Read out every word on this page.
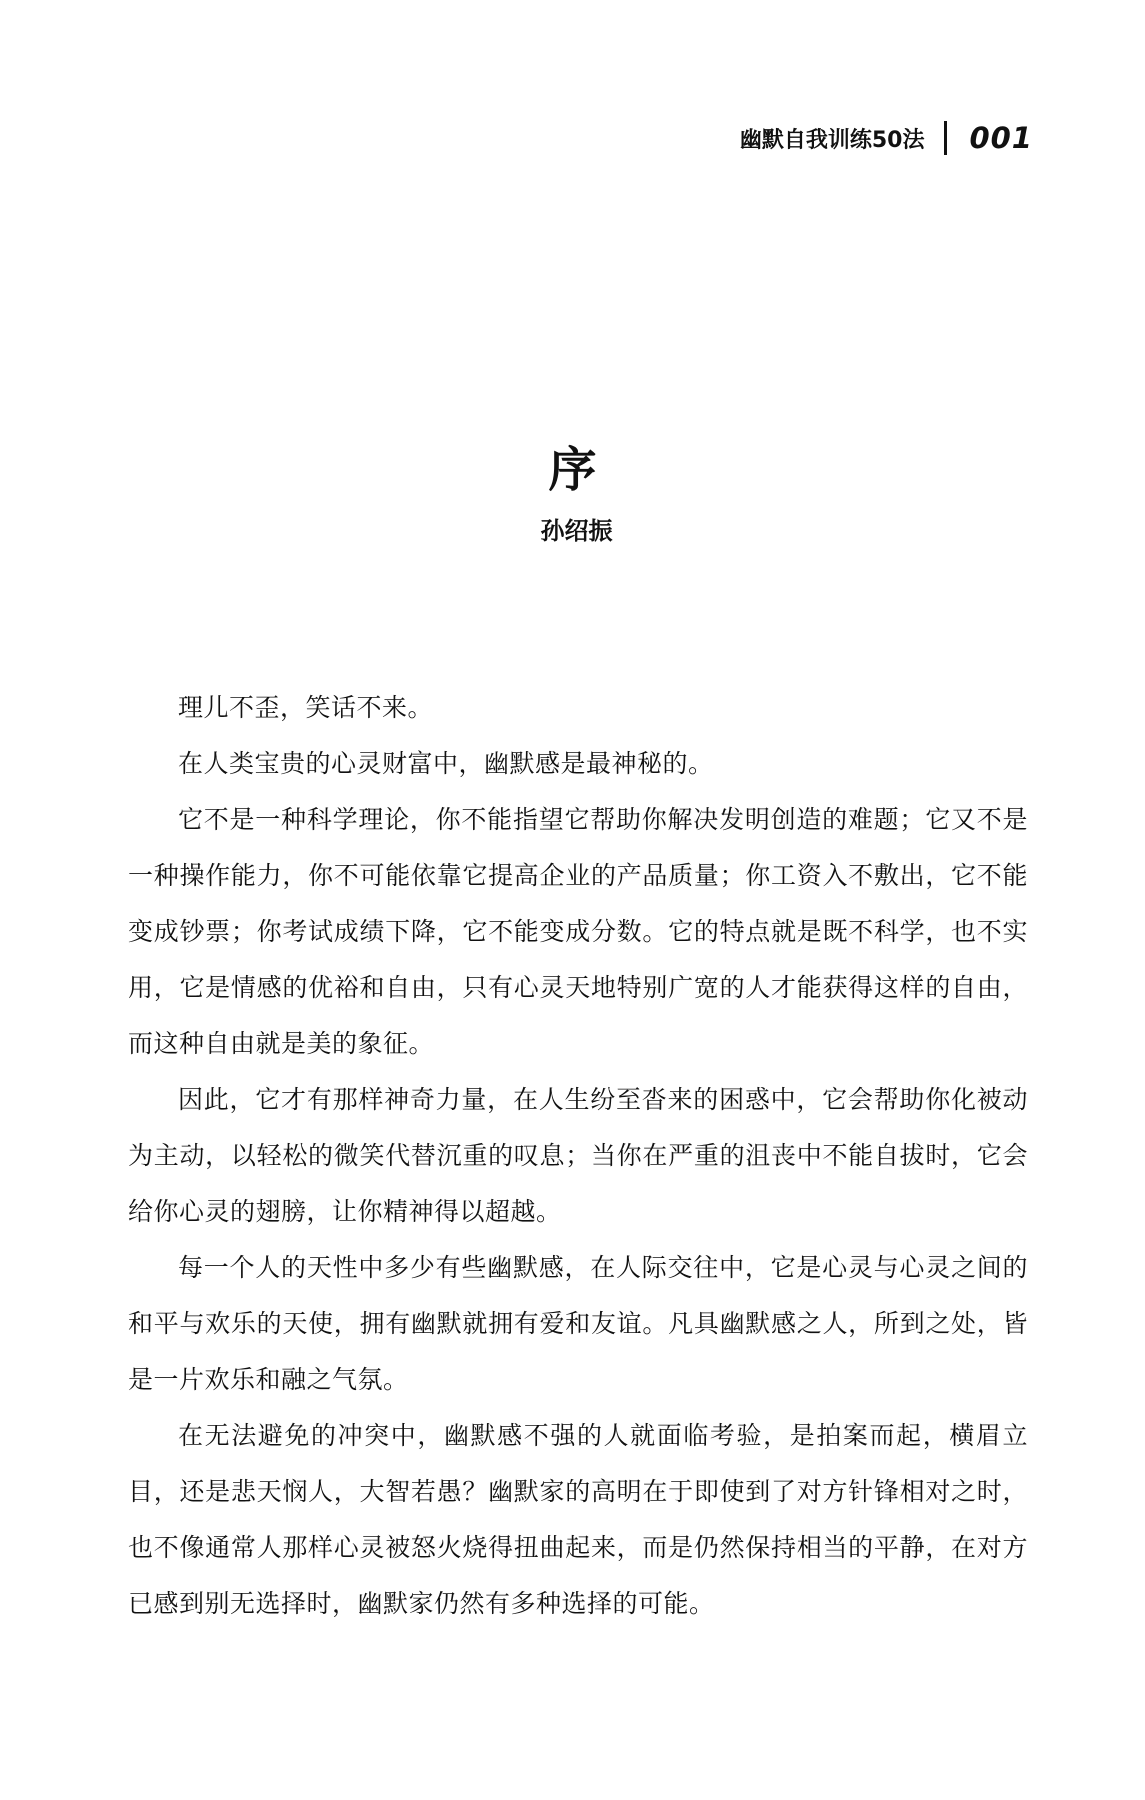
幽默自我训练50法 001
序
孙绍振

理儿不歪，笑话不来。

在人类宝贵的心灵财富中，幽默感是最神秘的。

它不是一种科学理论，你不能指望它帮助你解决发明创造的难题；它又不是一种操作能力，你不可能依靠它提高企业的产品质量；你工资入不敷出，它不能变成钞票；你考试成绩下降，它不能变成分数。它的特点就是既不科学，也不实用，它是情感的优裕和自由，只有心灵天地特别广宽的人才能获得这样的自由，而这种自由就是美的象征。

因此，它才有那样神奇力量，在人生纷至沓来的困惑中，它会帮助你化被动为主动，以轻松的微笑代替沉重的叹息；当你在严重的沮丧中不能自拔时，它会给你心灵的翅膀，让你精神得以超越。

每一个人的天性中多少有些幽默感，在人际交往中，它是心灵与心灵之间的和平与欢乐的天使，拥有幽默就拥有爱和友谊。凡具幽默感之人，所到之处，皆是一片欢乐和融之气氛。

在无法避免的冲突中，幽默感不强的人就面临考验，是拍案而起，横眉立目，还是悲天悯人，大智若愚？幽默家的高明在于即使到了对方针锋相对之时，也不像通常人那样心灵被怒火烧得扭曲起来，而是仍然保持相当的平静，在对方已感到别无选择时，幽默家仍然有多种选择的可能。
